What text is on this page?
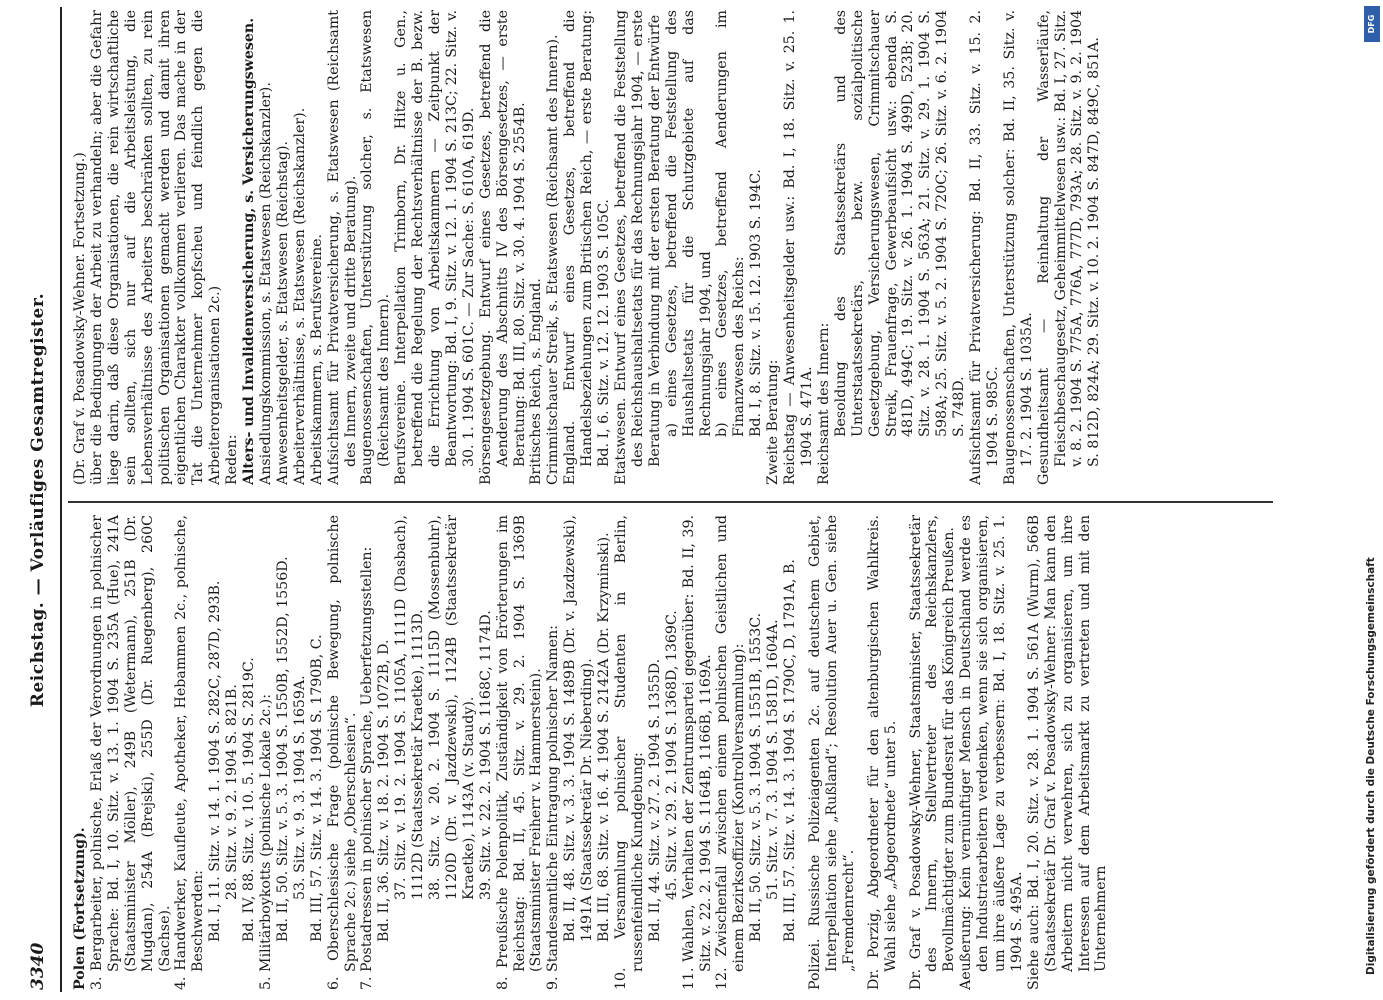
3340
Reichstag. — Vorläufiges Gesamtregister.

Polen (Fortsetzung). 3. Bergarbeiter, polnische, Erlaß der Verordnungen in polnischer Sprache: Bd. I, 10. Sitz. v. 13. 1. 1904 S. 235A (Hue), 241A (Staatsminister Möller), 249B (Wetermann), 251B (Dr. Mugdan), 254A (Brejski), 255D (Dr. Ruegenberg), 260C (Sachse). 4. Handwerker, Kaufleute, Apotheker, Hebammen 2c., polnische, Beschwerden: Bd. I, 11. Sitz. v. 14. 1. 1904 S. 282C, 287D, 293B. 28. Sitz. v. 9. 2. 1904 S. 821B. Bd. IV, 88. Sitz. v. 10. 5. 1904 S. 2819C. 5. Militärboykotts (polnische Lokale 2c.): Bd. II, 50. Sitz. v. 5. 3. 1904 S. 1550B, 1552D, 1556D. 53. Sitz. v. 9. 3. 1904 S. 1659A. Bd. III, 57. Sitz. v. 14. 3. 1904 S. 1790B, C. 6. Oberschlesische Frage (polnische Bewegung, polnische Sprache 2c.) siehe „Oberschlesien“. 7. Postadressen in polnischer Sprache, Ueberfetzungsstellen: Bd. II, 36. Sitz. v. 18. 2. 1904 S. 1072B, D. 37. Sitz. v. 19. 2. 1904 S. 1105A, 1111D (Dasbach), 1112D (Staatssekretär Kraetke), 1113D. 38. Sitz. v. 20. 2. 1904 S. 1115D (Mossenbuhr), 1120D (Dr. v. Jazdzewski), 1124B (Staatssekretär Kraetke), 1143A (v. Staudy). 39. Sitz. v. 22. 2. 1904 S. 1168C, 1174D. 8. Preußische Polenpolitik, Zuständigkeit von Erörterungen im Reichstag: Bd. II, 45. Sitz. v. 29. 2. 1904 S. 1369B (Staatsminister Freiherr v. Hammerstein). 9. Standesamtliche Eintragung polnischer Namen: Bd. II, 48. Sitz. v. 3. 3. 1904 S. 1489B (Dr. v. Jazdzewski), 1491A (Staatssekretär Dr. Nieberding). Bd. III, 68. Sitz. v. 16. 4. 1904 S. 2142A (Dr. Krzyminski). 10. Versammlung polnischer Studenten in Berlin, russenfeindliche Kundgebung: Bd. II, 44. Sitz. v. 27. 2. 1904 S. 1355D. 45. Sitz. v. 29. 2. 1904 S. 1368D, 1369C. 11. Wahlen, Verhalten der Zentrumspartei gegenüber: Bd. II, 39. Sitz. v. 22. 2. 1904 S. 1164B, 1166B, 1169A. 12. Zwischenfall zwischen einem polnischen Geistlichen und einem Bezirksoffizier (Kontrollversammlung): Bd. II, 50. Sitz. v. 5. 3. 1904 S. 1551B, 1553C. 51. Sitz. v. 7. 3. 1904 S. 1581D, 1604A. Bd. III, 57. Sitz. v. 14. 3. 1904 S. 1790C, D, 1791A, B. Polizei. Russische Polizeiagenten 2c. auf deutschem Gebiet, Interpellation siehe „Rußland“; Resolution Auer u. Gen. siehe „Fremdenrecht“. Dr. Porzig, Abgeordneter für den altenburgischen Wahlkreis. Wahl siehe „Abgeordnete“ unter 5. Dr. Graf v. Posadowsky-Wehner, Staatsminister, Staatssekretär des Innern, Stellvertreter des Reichskanzlers, Bevollmächtigter zum Bundesrat für das Königreich Preußen. Aeußerung: Kein vernünftiger Mensch in Deutschland werde es den Industriearbeitern verdenken, wenn sie sich organisieren, um ihre äußere Lage zu verbessern: Bd. I, 18. Sitz. v. 25. 1. 1904 S. 495A. Siehe auch: Bd. I, 20. Sitz. v. 28. 1. 1904 S. 561A (Wurm), 566B (Staatssekretär Dr. Graf v. Posadowsky-Wehner: Man kann den Arbeitern nicht verwehren, sich zu organisieren, um ihre Interessen auf dem Arbeitsmarkt zu vertreten und mit den Unternehmern

(Dr. Graf v. Posadowsky-Wehner. Fortsetzung.) über die Bedingungen der Arbeit zu verhandeln; aber die Gefahr liege darin, daß diese Organisationen, die rein wirtschaftliche sein sollten, sich nur auf die Arbeitsleistung, die Lebensverhältnisse des Arbeiters beschränken sollten, zu rein politischen Organisationen gemacht werden und damit ihren eigentlichen Charakter vollkommen verlieren. Das mache in der Tat die Unternehmer kopfscheu und feindlich gegen die Arbeiterorganisationen 2c.) Reden: Alters- und Invalidenversicherung, s. Versicherungswesen. Ansiedlungskommission, s. Etatswesen (Reichskanzler). Anwesenheitsgelder, s. Etatswesen (Reichstag). Arbeiterverhältnisse, s. Etatswesen (Reichskanzler). Arbeitskammern, s. Berufsvereine. Aufsichtsamt für Privatversicherung, s. Etatswesen (Reichsamt des Innern, zweite und dritte Beratung). Baugenossenschaften, Unterstützung solcher, s. Etatswesen (Reichsamt des Innern). Berufsvereine. Interpellation Trimborn, Dr. Hitze u. Gen., betreffend die Regelung der Rechtsverhältnisse der B. bezw. die Errichtung von Arbeitskammern — Zeitpunkt der Beantwortung: Bd. I, 9. Sitz. v. 12. 1. 1904 S. 213C; 22. Sitz. v. 30. 1. 1904 S. 601C. — Zur Sache: S. 610A, 619D. Börsengesetzgebung. Entwurf eines Gesetzes, betreffend die Aenderung des Abschnitts IV des Börsengesetzes, — erste Beratung: Bd. III, 80. Sitz. v. 30. 4. 1904 S. 2554B. Britisches Reich, s. England. Crimmitschauer Streik, s. Etatswesen (Reichsamt des Innern). England. Entwurf eines Gesetzes, betreffend die Handelsbeziehungen zum Britischen Reich, — erste Beratung: Bd. I, 6. Sitz. v. 12. 12. 1903 S. 105C. Etatswesen. Entwurf eines Gesetzes, betreffend die Feststellung des Reichshaushaltsetats für das Rechnungsjahr 1904, — erste Beratung in Verbindung mit der ersten Beratung der Entwürfe a) eines Gesetzes, betreffend die Feststellung des Haushaltsetats für die Schutzgebiete auf das Rechnungsjahr 1904, und b) eines Gesetzes, betreffend Aenderungen im Finanzwesen des Reichs: Bd. I, 8. Sitz. v. 15. 12. 1903 S. 194C. Zweite Beratung: Reichstag — Anwesenheitsgelder usw.: Bd. I, 18. Sitz. v. 25. 1. 1904 S. 471A. Reichsamt des Innern: Besoldung des Staatssekretärs und des Unterstaatssekretärs, bezw. sozialpolitische Gesetzgebung, Versicherungswesen, Crimmitschauer Streik, Frauenfrage, Gewerbeaufsicht usw.: ebenda S. 481D, 494C; 19. Sitz. v. 26. 1. 1904 S. 499D, 523B; 20. Sitz. v. 28. 1. 1904 S. 563A; 21. Sitz. v. 29. 1. 1904 S. 598A; 25. Sitz. v. 5. 2. 1904 S. 720C; 26. Sitz. v. 6. 2. 1904 S. 748D. Aufsichtsamt für Privatversicherung: Bd. II, 33. Sitz. v. 15. 2. 1904 S. 985C. Baugenossenschaften, Unterstützung solcher: Bd. II, 35. Sitz. v. 17. 2. 1904 S. 1035A. Gesundheitsamt — Reinhaltung der Wasserläufe, Fleischbeschaugesetz, Geheimmittelwesen usw.: Bd. I, 27. Sitz. v. 8. 2. 1904 S. 775A, 776A, 777D, 793A; 28. Sitz. v. 9. 2. 1904 S. 812D, 824A; 29. Sitz. v. 10. 2. 1904 S. 847D, 849C, 851A.

Digitalisierung gefördert durch die Deutsche Forschungsgemeinschaft
DFG
